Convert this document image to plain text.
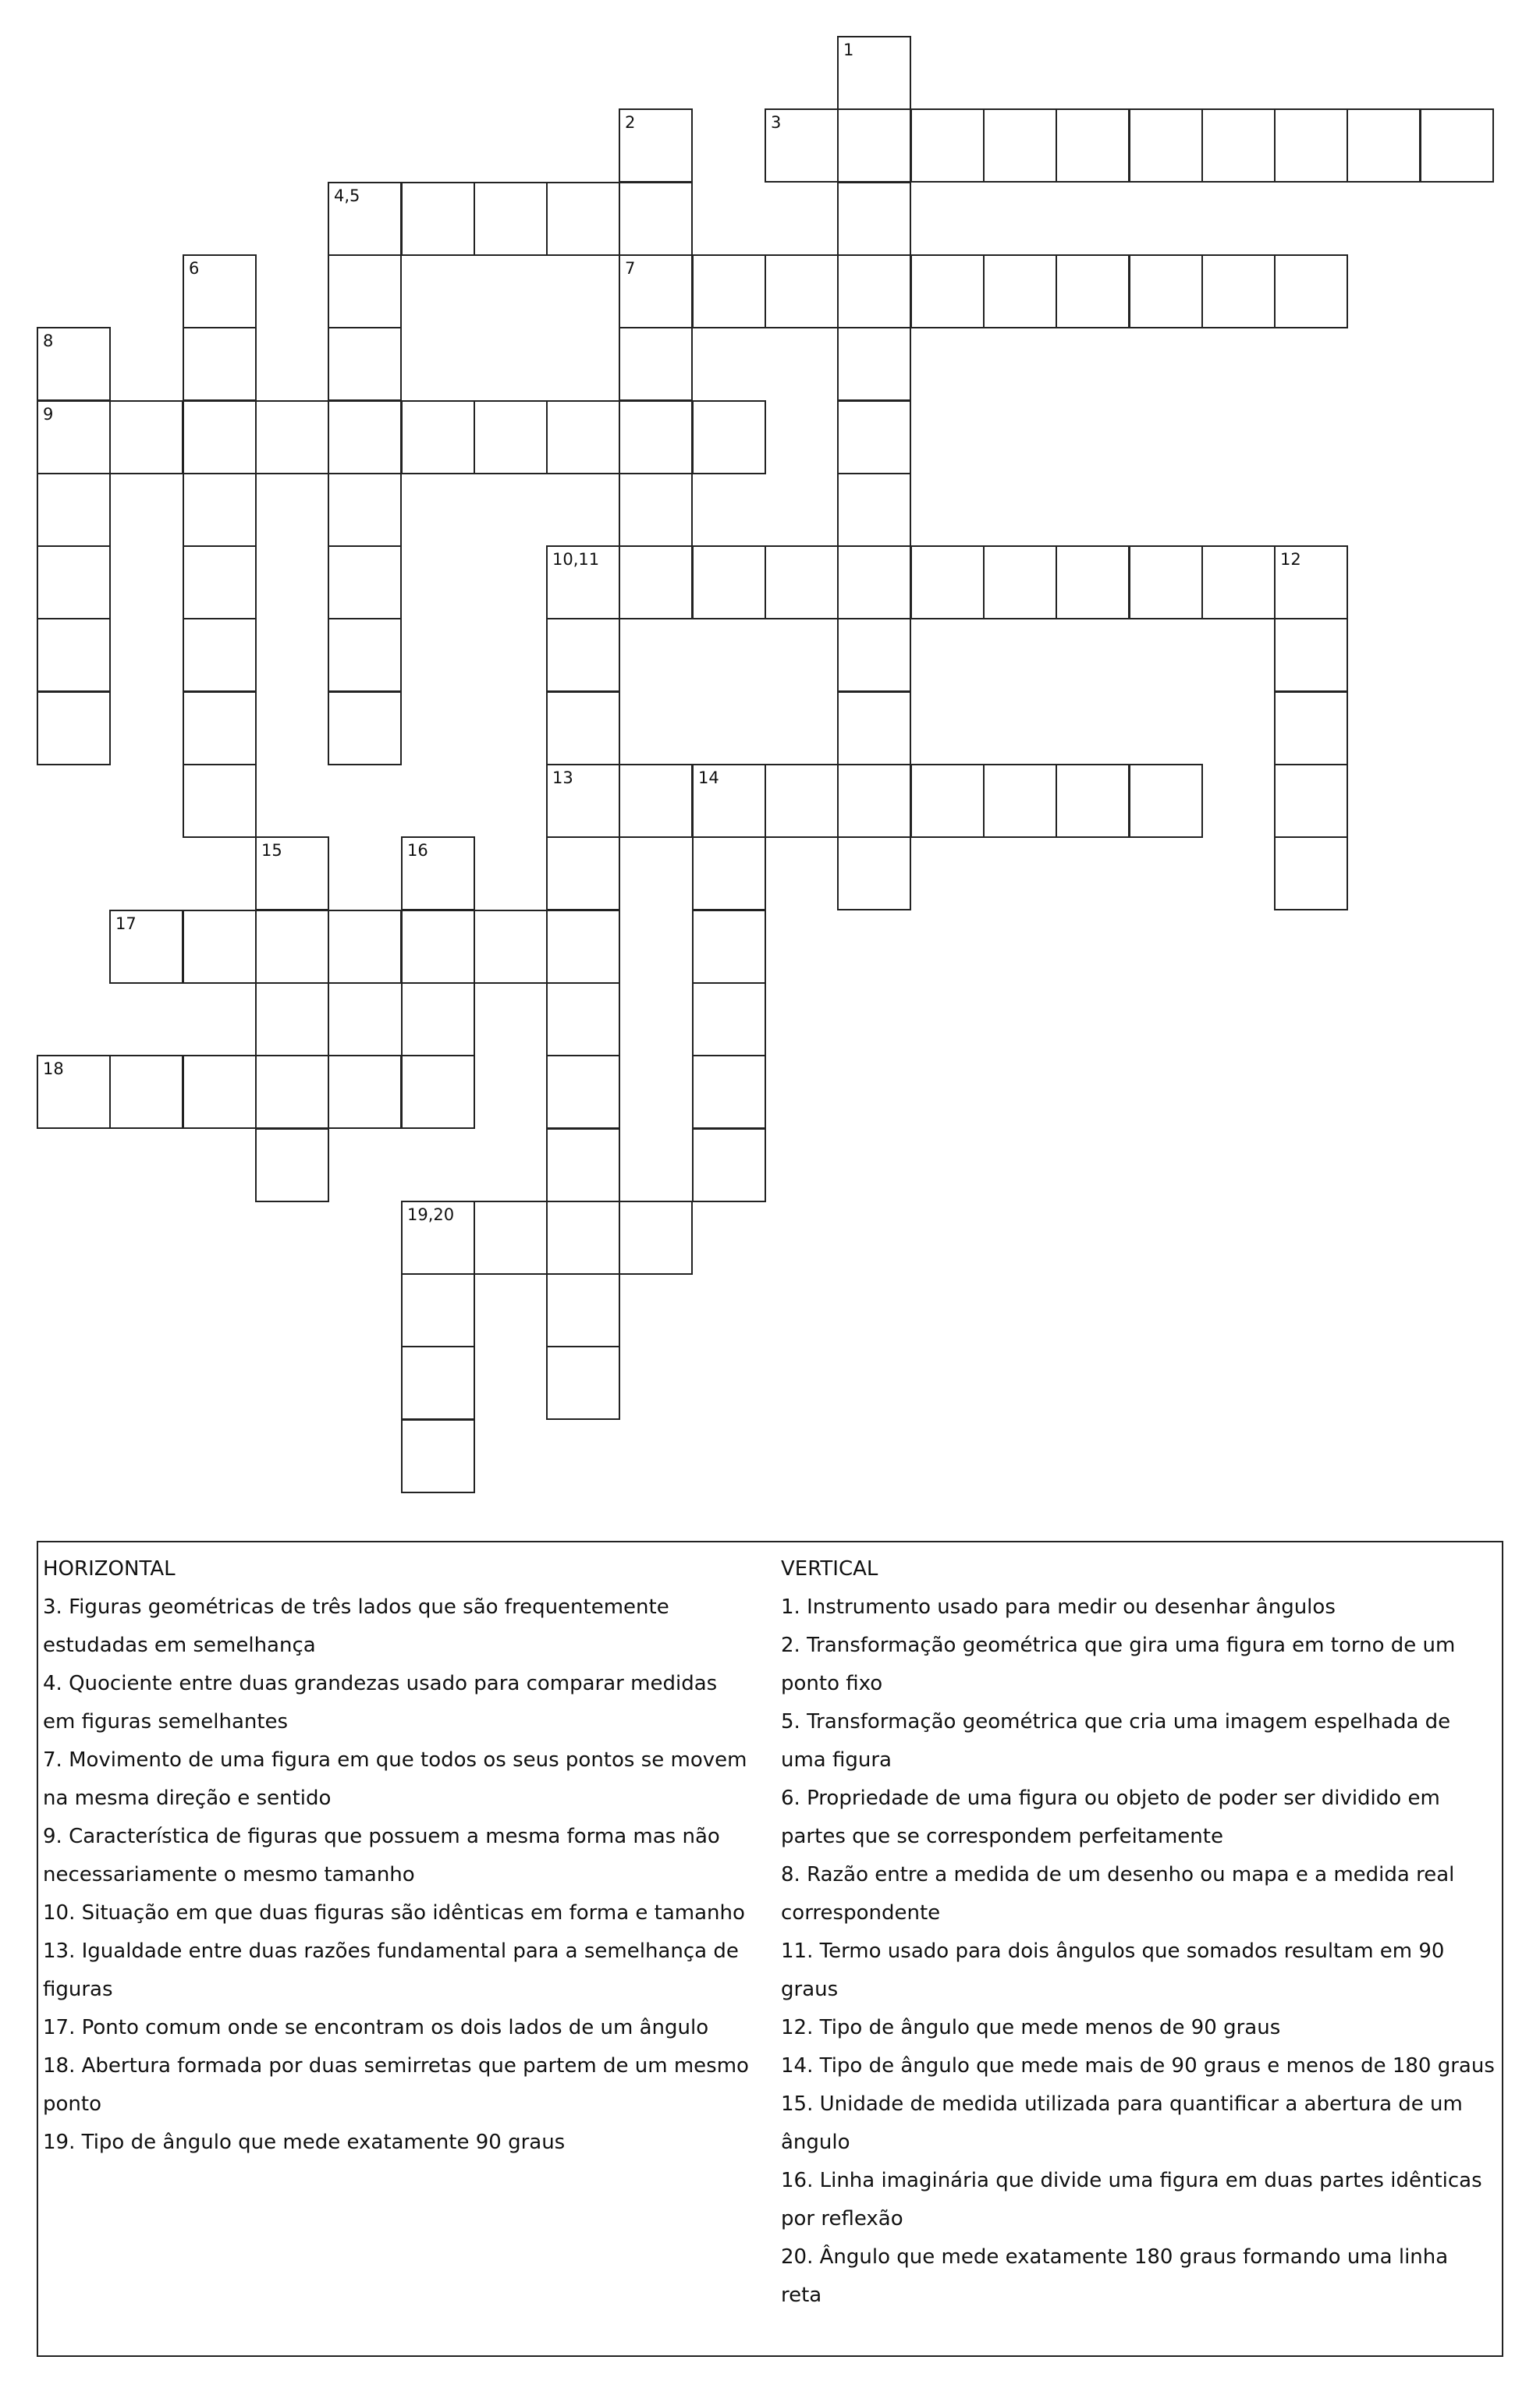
1
2	3
4,5
6	7
8
9
10,11	12
13	14
15	16
17
18
19,20

HORIZONTAL

3. Figuras geométricas de três lados que são frequentemente

estudadas em semelhança

4. Quociente entre duas grandezas usado para comparar medidas

em figuras semelhantes

7. Movimento de uma figura em que todos os seus pontos se movem

na mesma direção e sentido

9. Característica de figuras que possuem a mesma forma mas não

necessariamente o mesmo tamanho

10. Situação em que duas figuras são idênticas em forma e tamanho

13. Igualdade entre duas razões fundamental para a semelhança de

figuras

17. Ponto comum onde se encontram os dois lados de um ângulo

18. Abertura formada por duas semirretas que partem de um mesmo

ponto

19. Tipo de ângulo que mede exatamente 90 graus

VERTICAL

1. Instrumento usado para medir ou desenhar ângulos

2. Transformação geométrica que gira uma figura em torno de um

ponto fixo

5. Transformação geométrica que cria uma imagem espelhada de

uma figura

6. Propriedade de uma figura ou objeto de poder ser dividido em

partes que se correspondem perfeitamente

8. Razão entre a medida de um desenho ou mapa e a medida real

correspondente

11. Termo usado para dois ângulos que somados resultam em 90

graus

12. Tipo de ângulo que mede menos de 90 graus

14. Tipo de ângulo que mede mais de 90 graus e menos de 180 graus

15. Unidade de medida utilizada para quantificar a abertura de um

ângulo

16. Linha imaginária que divide uma figura em duas partes idênticas

por reflexão

20. Ângulo que mede exatamente 180 graus formando uma linha

reta
